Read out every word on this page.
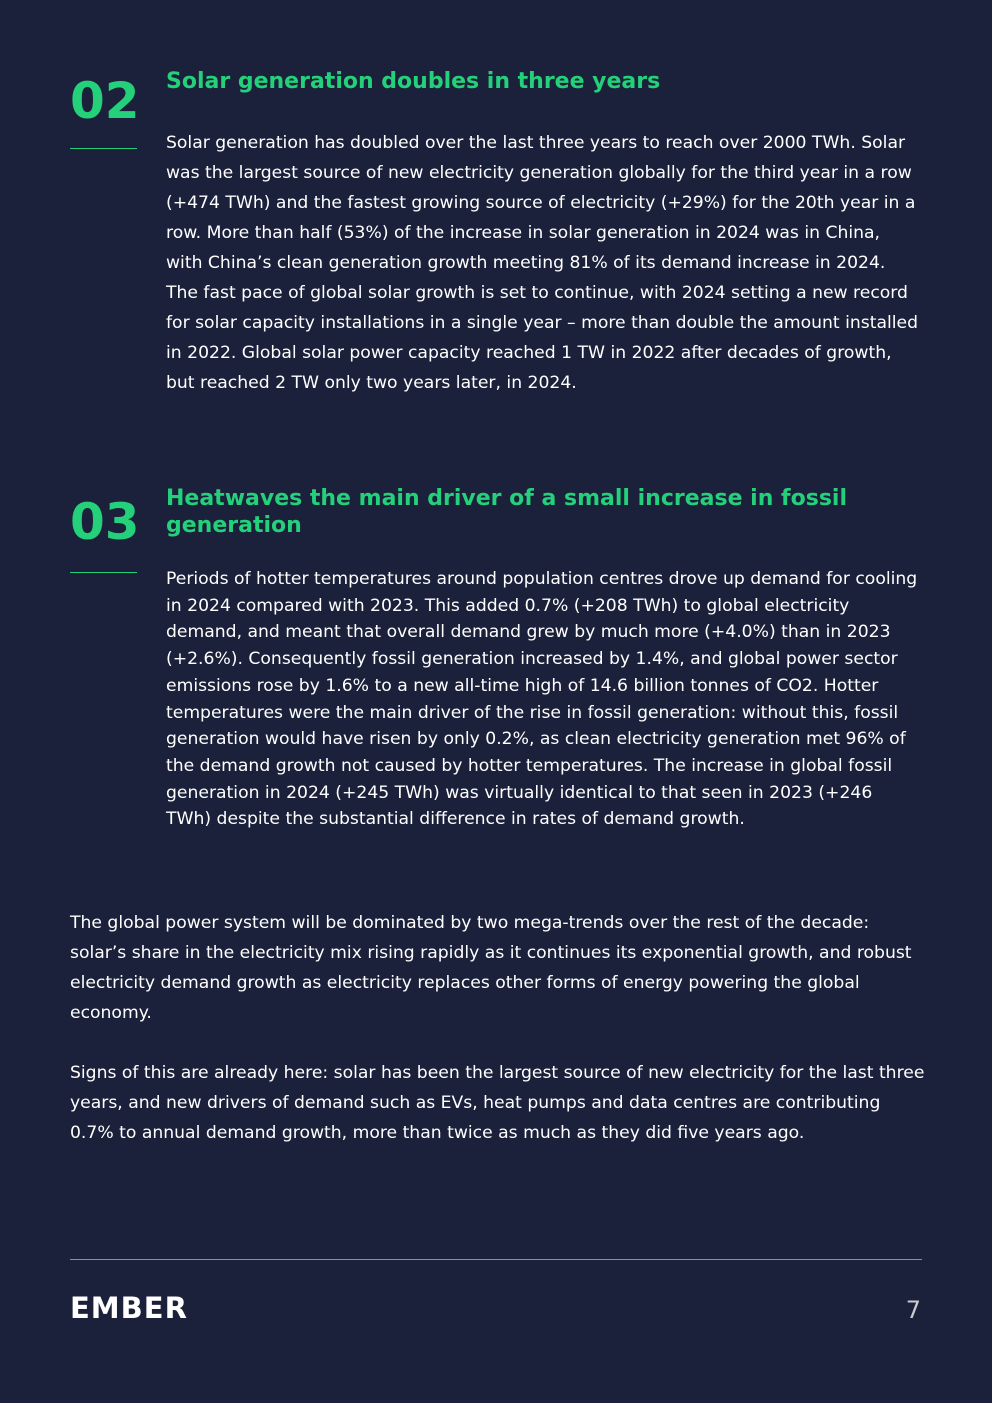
02 Solar generation doubles in three years

Solar generation has doubled over the last three years to reach over 2000 TWh. Solar was the largest source of new electricity generation globally for the third year in a row (+474 TWh) and the fastest growing source of electricity (+29%) for the 20th year in a row. More than half (53%) of the increase in solar generation in 2024 was in China, with China’s clean generation growth meeting 81% of its demand increase in 2024. The fast pace of global solar growth is set to continue, with 2024 setting a new record for solar capacity installations in a single year – more than double the amount installed in 2022. Global solar power capacity reached 1 TW in 2022 after decades of growth, but reached 2 TW only two years later, in 2024.

03 Heatwaves the main driver of a small increase in fossil generation

Periods of hotter temperatures around population centres drove up demand for cooling in 2024 compared with 2023. This added 0.7% (+208 TWh) to global electricity demand, and meant that overall demand grew by much more (+4.0%) than in 2023 (+2.6%). Consequently fossil generation increased by 1.4%, and global power sector emissions rose by 1.6% to a new all-time high of 14.6 billion tonnes of CO2. Hotter temperatures were the main driver of the rise in fossil generation: without this, fossil generation would have risen by only 0.2%, as clean electricity generation met 96% of the demand growth not caused by hotter temperatures. The increase in global fossil generation in 2024 (+245 TWh) was virtually identical to that seen in 2023 (+246 TWh) despite the substantial difference in rates of demand growth.

The global power system will be dominated by two mega-trends over the rest of the decade: solar’s share in the electricity mix rising rapidly as it continues its exponential growth, and robust electricity demand growth as electricity replaces other forms of energy powering the global economy.

Signs of this are already here: solar has been the largest source of new electricity for the last three years, and new drivers of demand such as EVs, heat pumps and data centres are contributing 0.7% to annual demand growth, more than twice as much as they did five years ago.

EMBER	7
